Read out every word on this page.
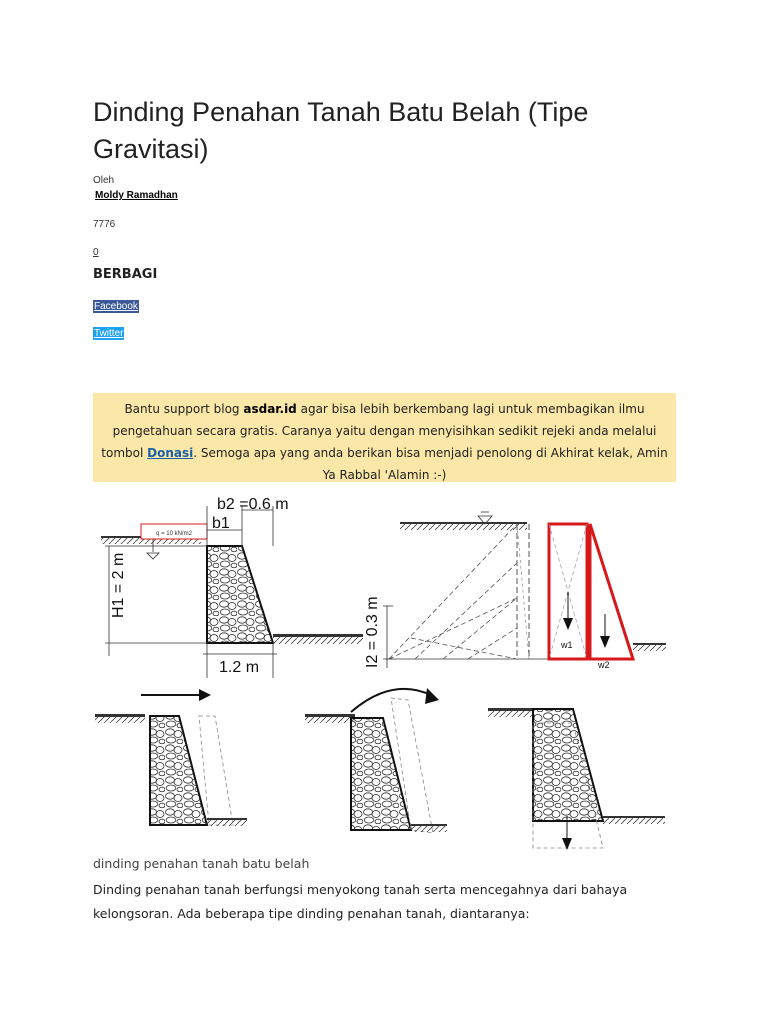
Dinding Penahan Tanah Batu Belah (Tipe Gravitasi)
Oleh
Moldy Ramadhan
7776
0
BERBAGI
Facebook
Twitter
Bantu support blog asdar.id agar bisa lebih berkembang lagi untuk membagikan ilmu pengetahuan secara gratis. Caranya yaitu dengan menyisihkan sedikit rejeki anda melalui tombol Donasi. Semoga apa yang anda berikan bisa menjadi penolong di Akhirat kelak, Amin Ya Rabbal 'Alamin :-)
q = 10 kN/m2
b2 =0.6 m
b1
H1 = 2 m
1.2 m
w1
w2
I2 = 0.3 m
dinding penahan tanah batu belah

Dinding penahan tanah berfungsi menyokong tanah serta mencegahnya dari bahaya kelongsoran. Ada beberapa tipe dinding penahan tanah, diantaranya:
